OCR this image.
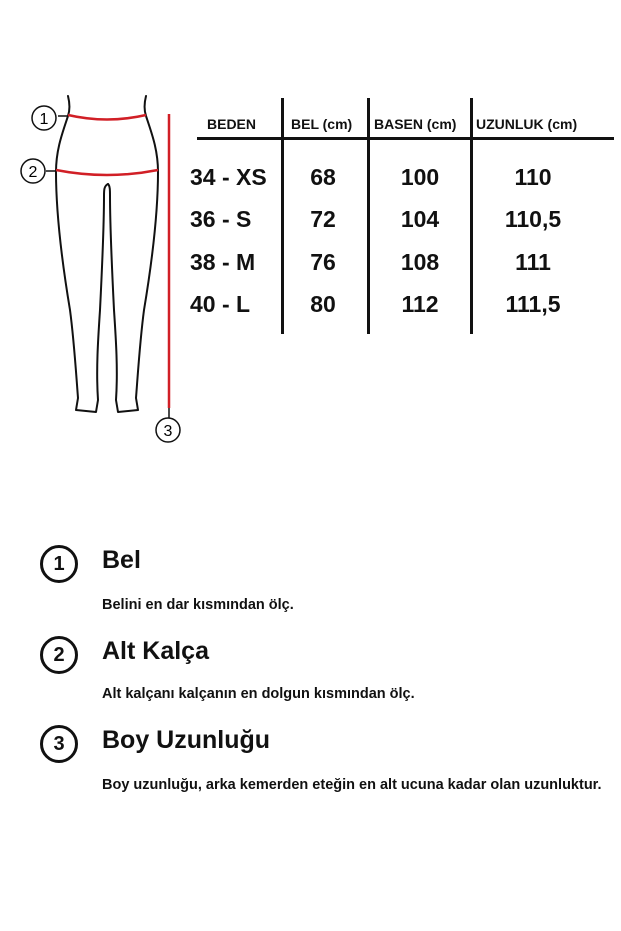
1
2
3
BEDEN BEL (cm) BASEN (cm) UZUNLUK (cm)
34 - XS	68	100	110
36 - S	72	104	110,5
38 - M	76	108	111
40 - L	80	112	111,5
1	Bel
Belini en dar kısmından ölç.
2	Alt Kalça
Alt kalçanı kalçanın en dolgun kısmından ölç.
3	Boy Uzunluğu
Boy uzunluğu, arka kemerden eteğin en alt ucuna kadar olan uzunluktur.
